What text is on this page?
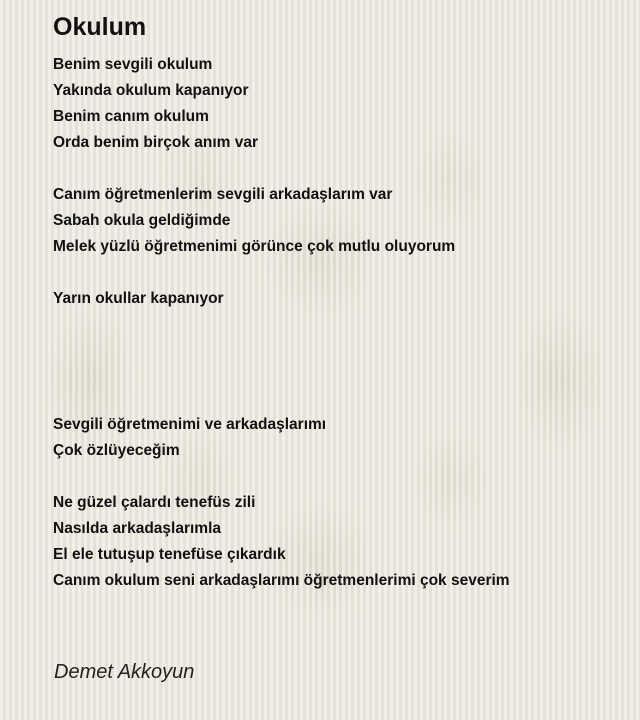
Okulum
Benim sevgili okulum
Yakında okulum kapanıyor
Benim canım okulum
Orda benim birçok anım var
Canım öğretmenlerim sevgili arkadaşlarım var
Sabah okula geldiğimde
Melek yüzlü öğretmenimi görünce çok mutlu oluyorum
Yarın okullar kapanıyor
Sevgili öğretmenimi ve arkadaşlarımı
Çok özlüyeceğim
Ne güzel çalardı tenefüs zili
Nasılda arkadaşlarımla
El ele tutuşup tenefüse çıkardık
Canım okulum seni arkadaşlarımı öğretmenlerimi çok severim
Demet Akkoyun
